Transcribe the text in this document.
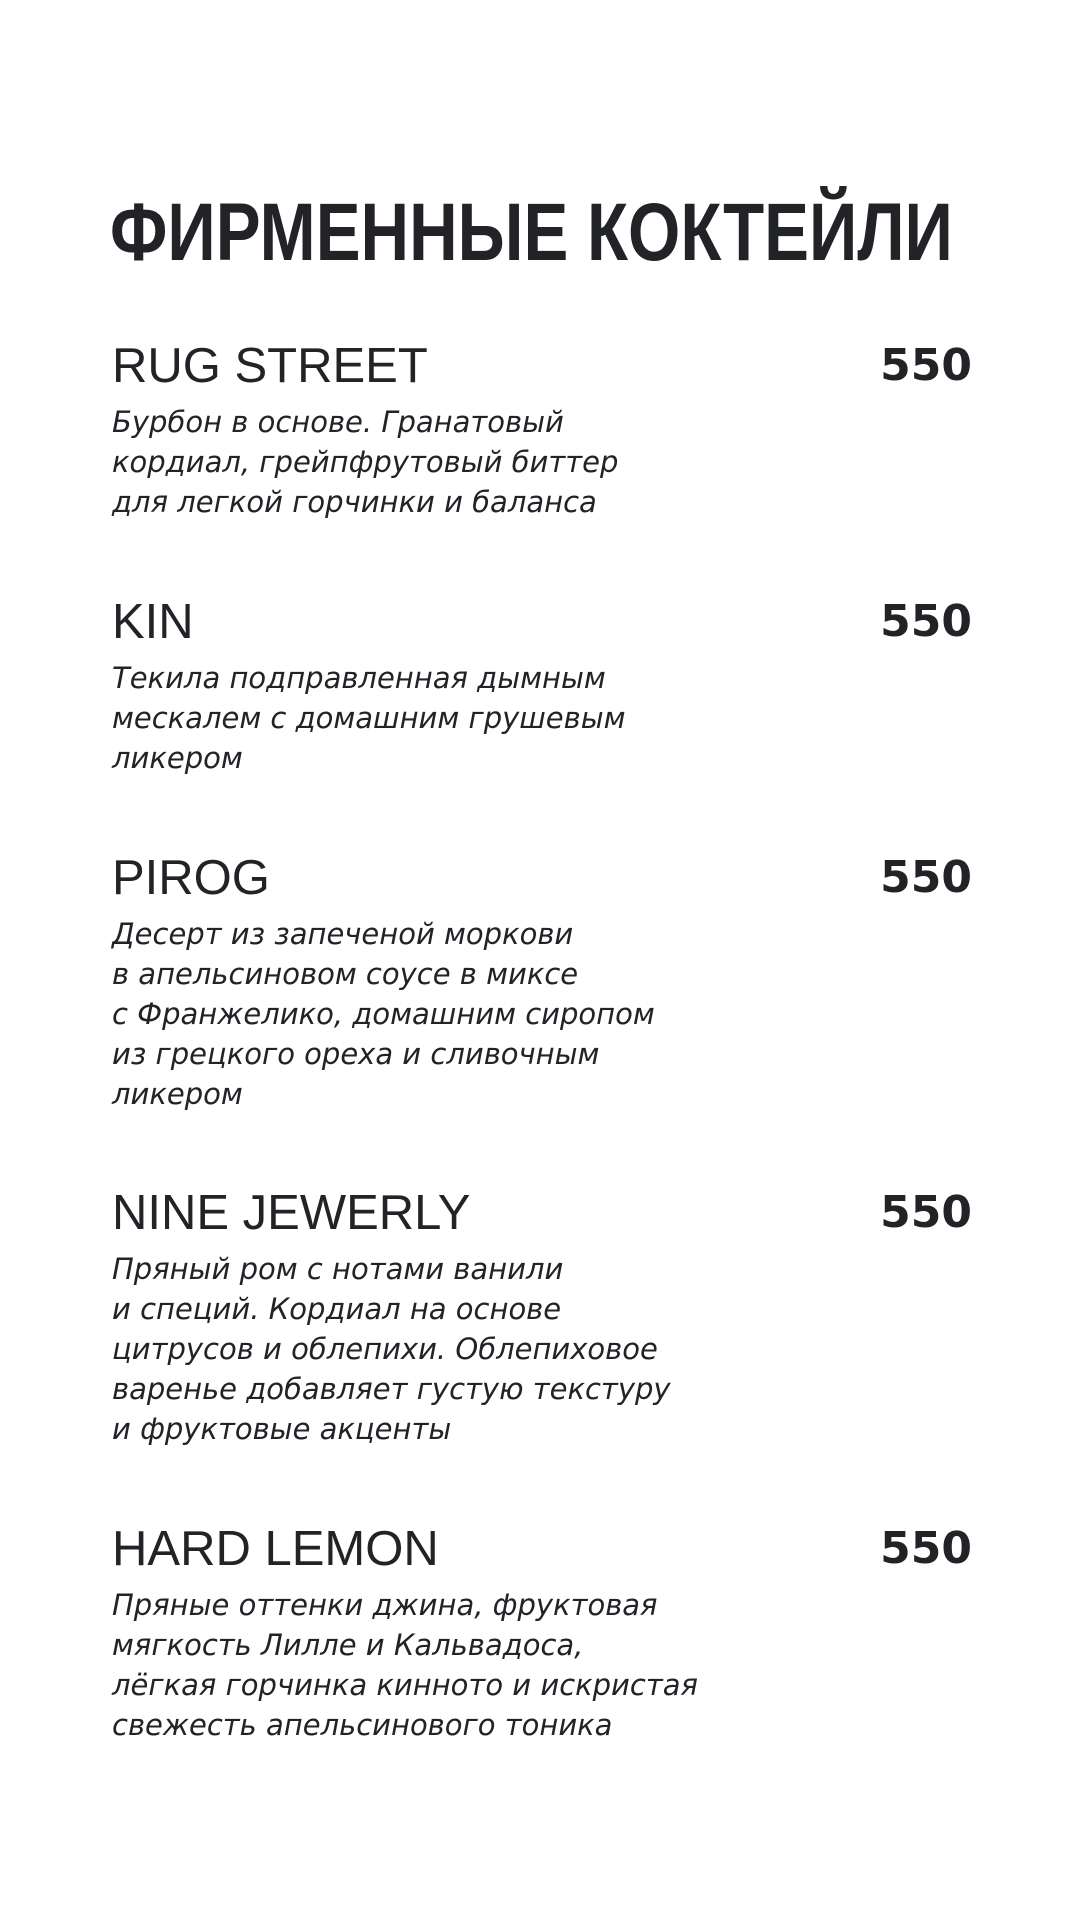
ФИРМЕННЫЕ КОКТЕЙЛИ
RUG STREET	550
Бурбон в основе. Гранатовый
кордиал, грейпфрутовый биттер
для легкой горчинки и баланса
KIN	550
Текила подправленная дымным
мескалем с домашним грушевым
ликером
PIROG	550
Десерт из запеченой моркови
в апельсиновом соусе в миксе
с Франжелико, домашним сиропом
из грецкого ореха и сливочным
ликером
NINE JEWERLY	550
Пряный ром с нотами ванили
и специй. Кордиал на основе
цитрусов и облепихи. Облепиховое
варенье добавляет густую текстуру
и фруктовые акценты
HARD LEMON	550
Пряные оттенки джина, фруктовая
мягкость Лилле и Кальвадоса,
лёгкая горчинка киннoто и искристая
свежесть апельсинового тоника
